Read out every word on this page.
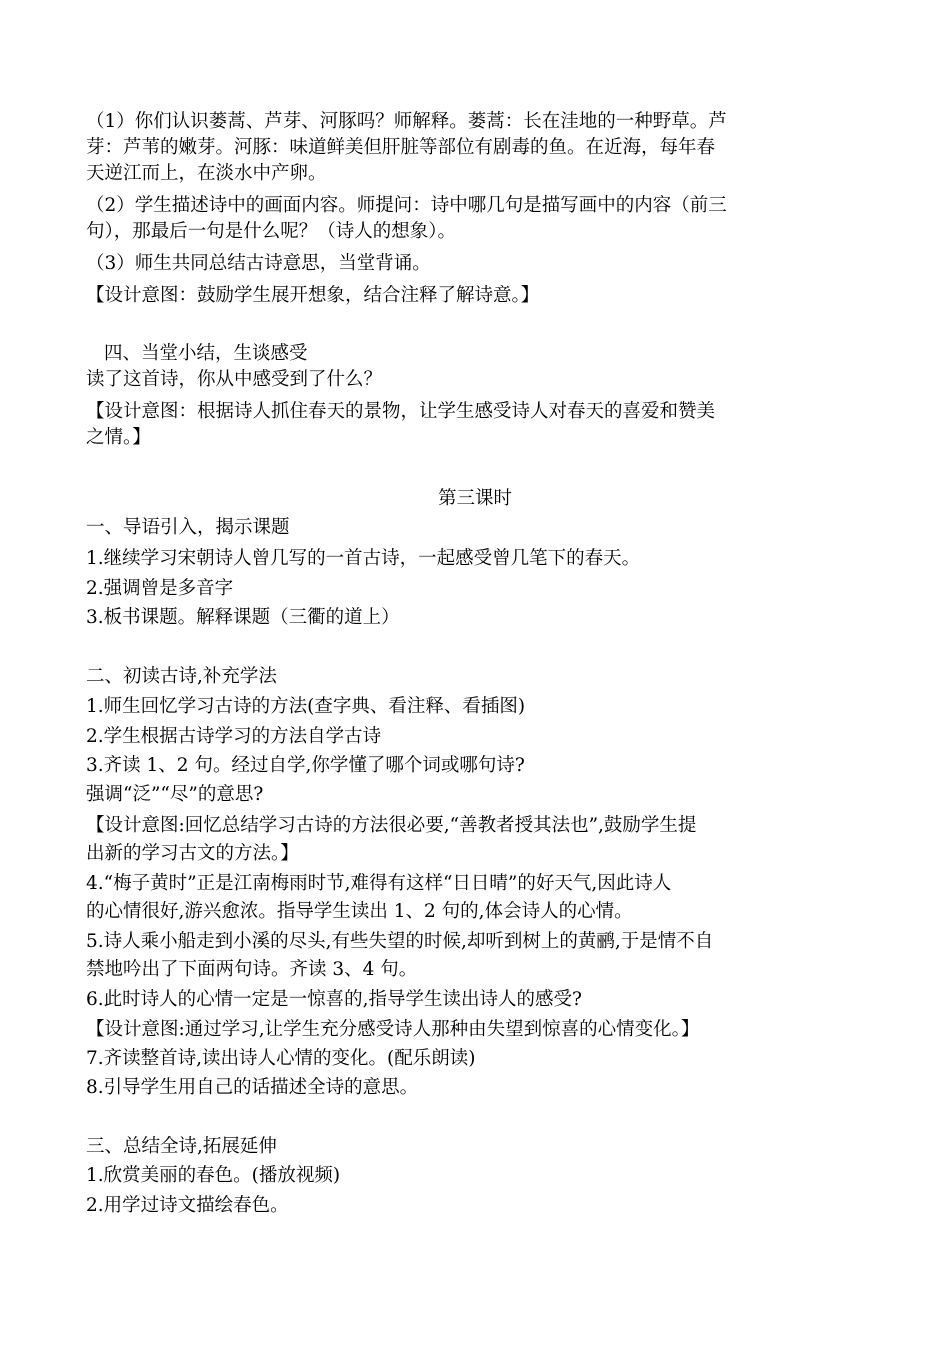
（1）你们认识蒌蒿、芦芽、河豚吗？师解释。蒌蒿：长在洼地的一种野草。芦
芽：芦苇的嫩芽。河豚：味道鲜美但肝脏等部位有剧毒的鱼。在近海，每年春
天逆江而上，在淡水中产卵。
（2）学生描述诗中的画面内容。师提问：诗中哪几句是描写画中的内容（前三
句），那最后一句是什么呢？（诗人的想象）。
（3）师生共同总结古诗意思，当堂背诵。
【设计意图：鼓励学生展开想象，结合注释了解诗意。】
四、当堂小结，生谈感受
读了这首诗，你从中感受到了什么？
【设计意图：根据诗人抓住春天的景物，让学生感受诗人对春天的喜爱和赞美
之情。】
第三课时
一、导语引入，揭示课题
1.继续学习宋朝诗人曾几写的一首古诗，一起感受曾几笔下的春天。
2.强调曾是多音字
3.板书课题。解释课题（三衢的道上）
二、初读古诗,补充学法
1.师生回忆学习古诗的方法(查字典、看注释、看插图)
2.学生根据古诗学习的方法自学古诗
3.齐读 1、2 句。经过自学,你学懂了哪个词或哪句诗?
强调“泛”“尽”的意思?
【设计意图:回忆总结学习古诗的方法很必要,“善教者授其法也”,鼓励学生提
出新的学习古文的方法。】
4.“梅子黄时”正是江南梅雨时节,难得有这样“日日晴”的好天气,因此诗人
的心情很好,游兴愈浓。指导学生读出 1、2 句的,体会诗人的心情。
5.诗人乘小船走到小溪的尽头,有些失望的时候,却听到树上的黄鹂,于是情不自
禁地吟出了下面两句诗。齐读 3、4 句。
6.此时诗人的心情一定是一惊喜的,指导学生读出诗人的感受?
【设计意图:通过学习,让学生充分感受诗人那种由失望到惊喜的心情变化。】
7.齐读整首诗,读出诗人心情的变化。(配乐朗读)
8.引导学生用自己的话描述全诗的意思。
三、总结全诗,拓展延伸
1.欣赏美丽的春色。(播放视频)
2.用学过诗文描绘春色。
